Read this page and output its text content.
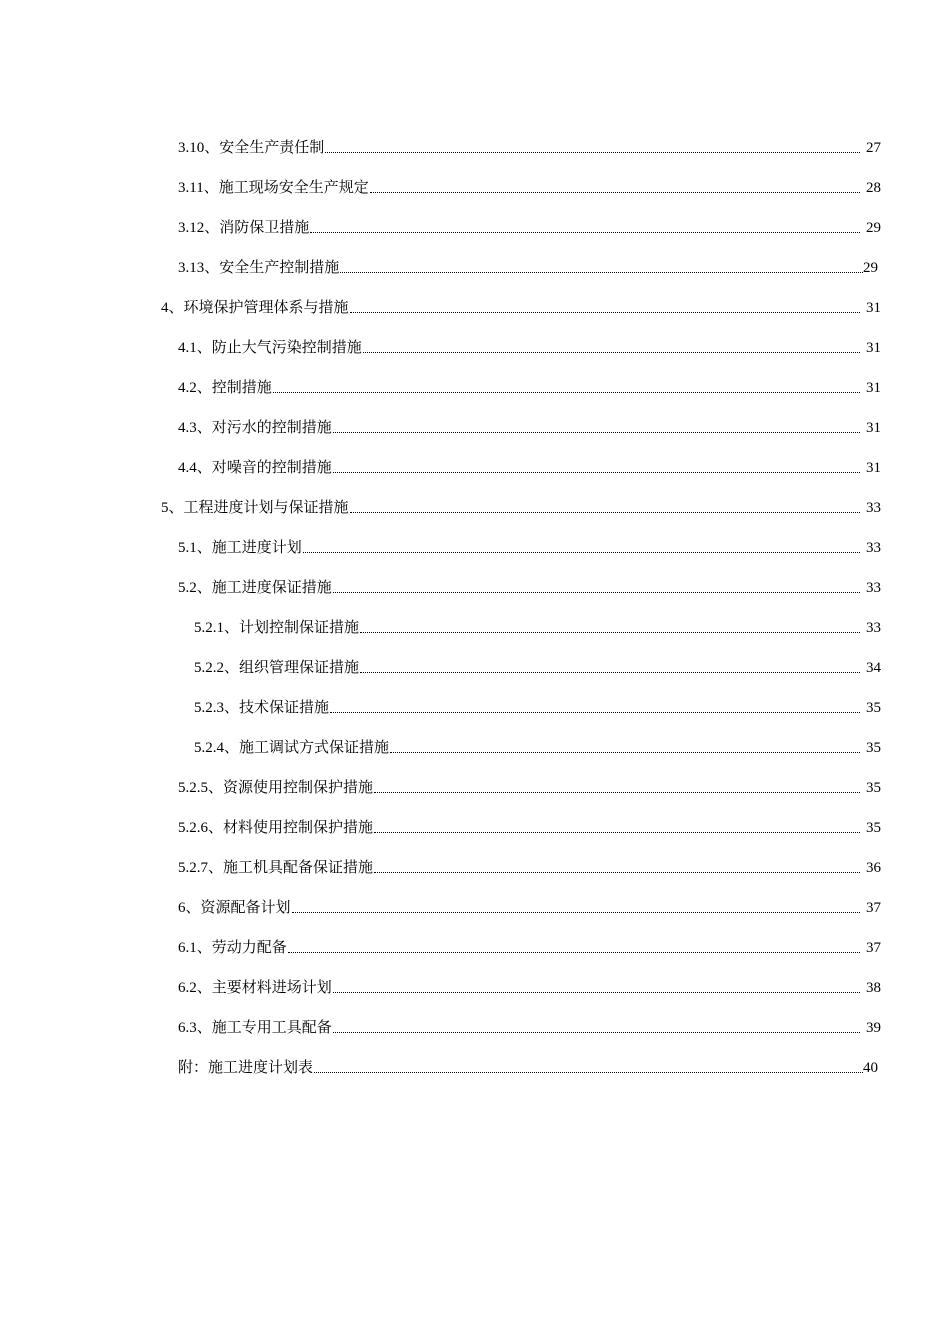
3.10、安全生产责任制	27
3.11、施工现场安全生产规定	28
3.12、消防保卫措施	29
3.13、安全生产控制措施	29
4、环境保护管理体系与措施	31
4.1、防止大气污染控制措施	31
4.2、控制措施	31
4.3、对污水的控制措施	31
4.4、对噪音的控制措施	31
5、工程进度计划与保证措施	33
5.1、施工进度计划	33
5.2、施工进度保证措施	33
5.2.1、计划控制保证措施	33
5.2.2、组织管理保证措施	34
5.2.3、技术保证措施	35
5.2.4、施工调试方式保证措施	35
5.2.5、资源使用控制保护措施	35
5.2.6、材料使用控制保护措施	35
5.2.7、施工机具配备保证措施	36
6、资源配备计划	37
6.1、劳动力配备	37
6.2、主要材料进场计划	38
6.3、施工专用工具配备	39
附：施工进度计划表	40
